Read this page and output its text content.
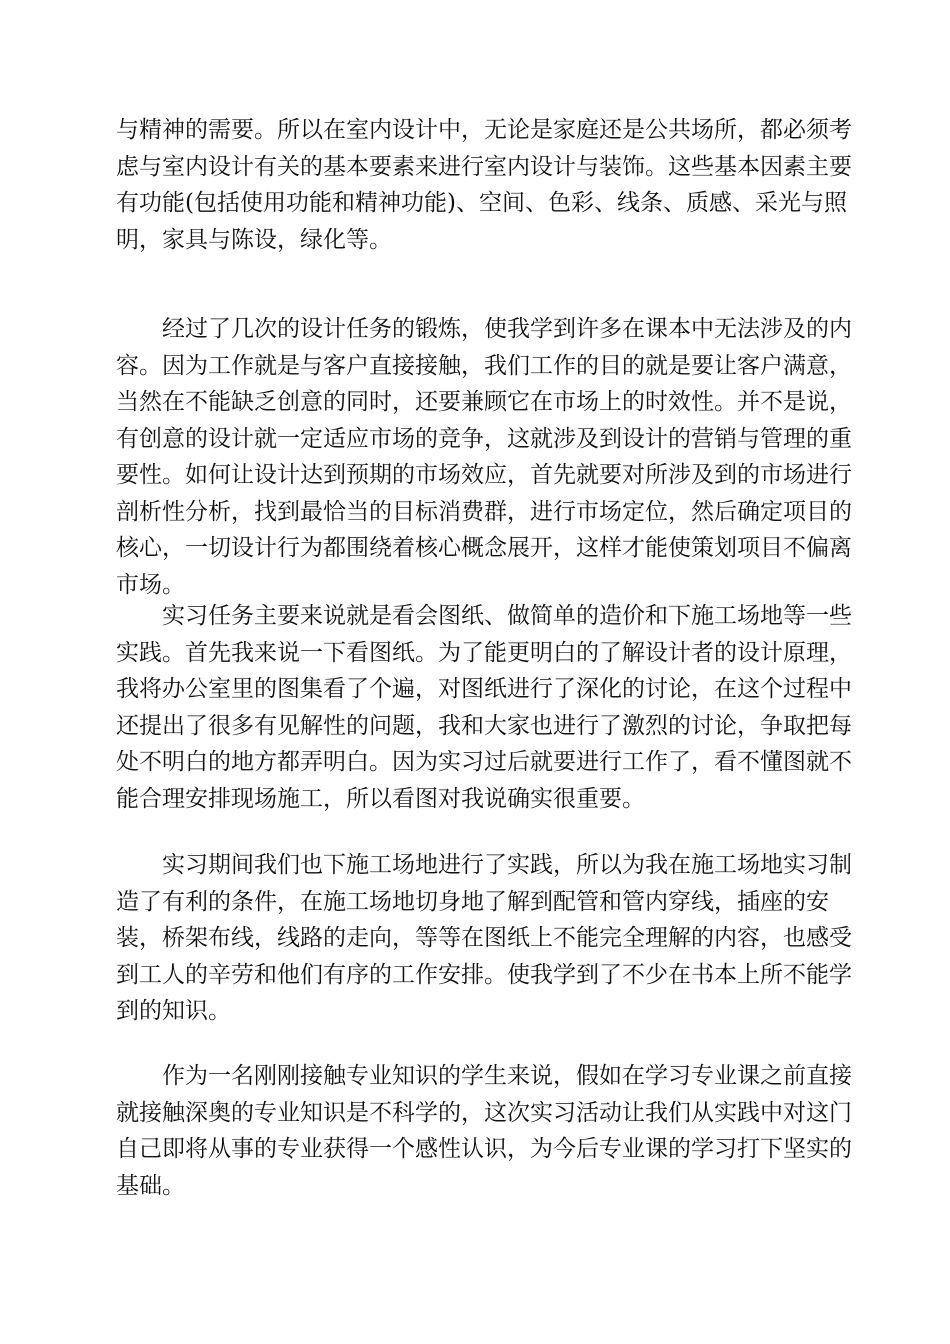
与精神的需要。所以在室内设计中，无论是家庭还是公共场所，都必须考
虑与室内设计有关的基本要素来进行室内设计与装饰。这些基本因素主要
有功能(包括使用功能和精神功能)、空间、色彩、线条、质感、采光与照
明，家具与陈设，绿化等。
经过了几次的设计任务的锻炼，使我学到许多在课本中无法涉及的内
容。因为工作就是与客户直接接触，我们工作的目的就是要让客户满意，
当然在不能缺乏创意的同时，还要兼顾它在市场上的时效性。并不是说，
有创意的设计就一定适应市场的竞争，这就涉及到设计的营销与管理的重
要性。如何让设计达到预期的市场效应，首先就要对所涉及到的市场进行
剖析性分析，找到最恰当的目标消费群，进行市场定位，然后确定项目的
核心，一切设计行为都围绕着核心概念展开，这样才能使策划项目不偏离
市场。
实习任务主要来说就是看会图纸、做简单的造价和下施工场地等一些
实践。首先我来说一下看图纸。为了能更明白的了解设计者的设计原理，
我将办公室里的图集看了个遍，对图纸进行了深化的讨论，在这个过程中
还提出了很多有见解性的问题，我和大家也进行了激烈的讨论，争取把每
处不明白的地方都弄明白。因为实习过后就要进行工作了，看不懂图就不
能合理安排现场施工，所以看图对我说确实很重要。
实习期间我们也下施工场地进行了实践，所以为我在施工场地实习制
造了有利的条件，在施工场地切身地了解到配管和管内穿线，插座的安
装，桥架布线，线路的走向，等等在图纸上不能完全理解的内容，也感受
到工人的辛劳和他们有序的工作安排。使我学到了不少在书本上所不能学
到的知识。
作为一名刚刚接触专业知识的学生来说，假如在学习专业课之前直接
就接触深奥的专业知识是不科学的，这次实习活动让我们从实践中对这门
自己即将从事的专业获得一个感性认识，为今后专业课的学习打下坚实的
基础。
